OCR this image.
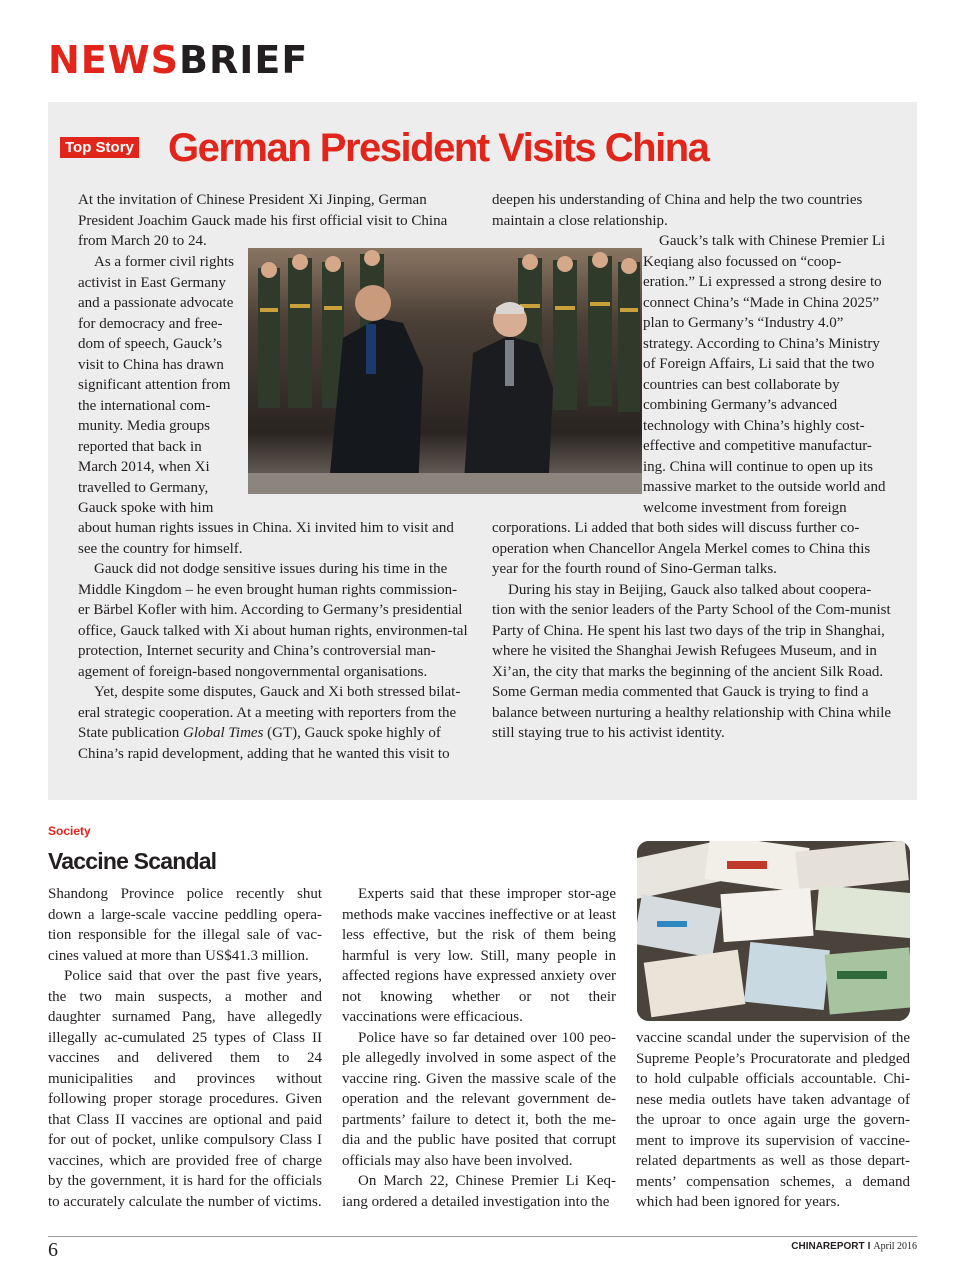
NEWSBRIEF
Top Story German President Visits China

At the invitation of Chinese President Xi Jinping, German President Joachim Gauck made his first official visit to China from March 20 to 24.

As a former civil rights activist in East Germany and a passionate advocate for democracy and free-dom of speech, Gauck’s visit to China has drawn significant attention from the international com-munity. Media groups reported that back in March 2014, when Xi travelled to Germany, Gauck spoke with him

about human rights issues in China. Xi invited him to visit and see the country for himself.

Gauck did not dodge sensitive issues during his time in the Middle Kingdom – he even brought human rights commission-er Bärbel Kofler with him. According to Germany’s presidential office, Gauck talked with Xi about human rights, environmen-tal protection, Internet security and China’s controversial man-agement of foreign-based nongovernmental organisations.

Yet, despite some disputes, Gauck and Xi both stressed bilat-eral strategic cooperation. At a meeting with reporters from the State publication Global Times (GT), Gauck spoke highly of China’s rapid development, adding that he wanted this visit to

deepen his understanding of China and help the two countries maintain a close relationship.

Gauck’s talk with Chinese Premier Li Keqiang also focussed on “coop-eration.” Li expressed a strong desire to connect China’s “Made in China 2025” plan to Germany’s “Industry 4.0” strategy. According to China’s Ministry of Foreign Affairs, Li said that the two countries can best collaborate by combining Germany’s advanced technology with China’s highly cost-effective and competitive manufactur-ing. China will continue to open up its massive market to the outside world and welcome investment from foreign

corporations. Li added that both sides will discuss further co-operation when Chancellor Angela Merkel comes to China this year for the fourth round of Sino-German talks.

During his stay in Beijing, Gauck also talked about coopera-tion with the senior leaders of the Party School of the Com-munist Party of China. He spent his last two days of the trip in Shanghai, where he visited the Shanghai Jewish Refugees Museum, and in Xi’an, the city that marks the beginning of the ancient Silk Road. Some German media commented that Gauck is trying to find a balance between nurturing a healthy relationship with China while still staying true to his activist identity.

Society
Vaccine Scandal

Shandong Province police recently shut down a large-scale vaccine peddling opera-tion responsible for the illegal sale of vac-cines valued at more than US$41.3 million.

Police said that over the past five years, the two main suspects, a mother and daughter surnamed Pang, have allegedly illegally ac-cumulated 25 types of Class II vaccines and delivered them to 24 municipalities and provinces without following proper storage procedures. Given that Class II vaccines are optional and paid for out of pocket, unlike compulsory Class I vaccines, which are provided free of charge by the government, it is hard for the officials to accurately calculate the number of victims.

Experts said that these improper stor-age methods make vaccines ineffective or at least less effective, but the risk of them being harmful is very low. Still, many people in affected regions have expressed anxiety over not knowing whether or not their vaccinations were efficacious.

Police have so far detained over 100 peo-ple allegedly involved in some aspect of the vaccine ring. Given the massive scale of the operation and the relevant government de-partments’ failure to detect it, both the me-dia and the public have posited that corrupt officials may also have been involved.

On March 22, Chinese Premier Li Keq-iang ordered a detailed investigation into the

vaccine scandal under the supervision of the Supreme People’s Procuratorate and pledged to hold culpable officials accountable. Chi-nese media outlets have taken advantage of the uproar to once again urge the govern-ment to improve its supervision of vaccine-related departments as well as those depart-ments’ compensation schemes, a demand which had been ignored for years.

6	CHINAREPORT I April 2016
